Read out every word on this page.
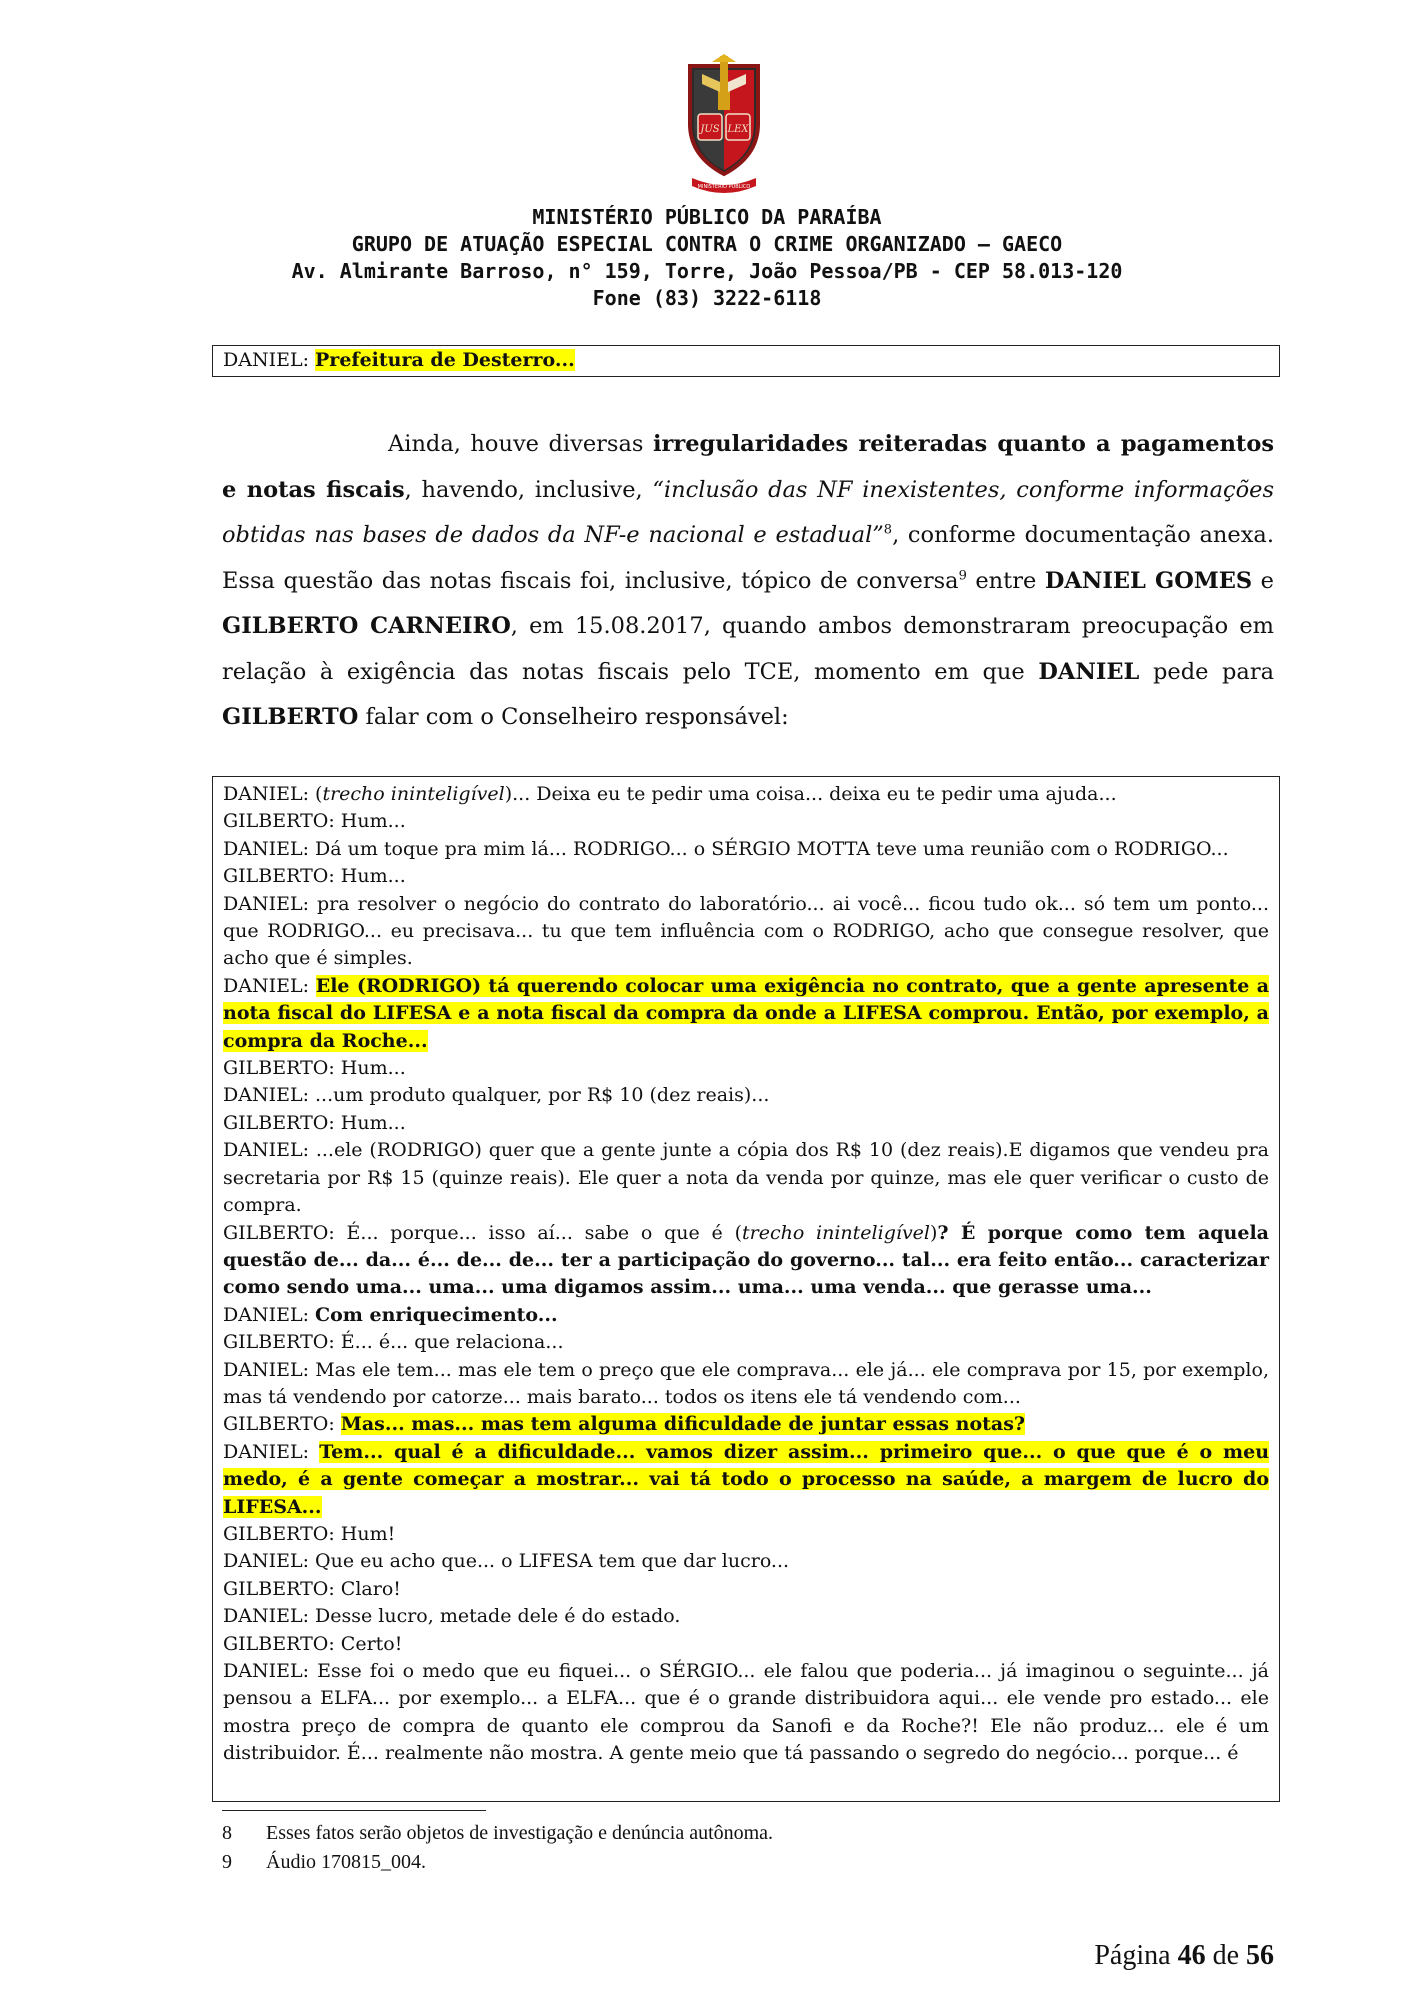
JUS LEX
MINISTÉRIO PÚBLICO
MINISTÉRIO PÚBLICO DA PARAÍBA
GRUPO DE ATUAÇÃO ESPECIAL CONTRA O CRIME ORGANIZADO – GAECO
Av. Almirante Barroso, n° 159, Torre, João Pessoa/PB - CEP 58.013-120
Fone (83) 3222-6118
DANIEL: Prefeitura de Desterro...

Ainda, houve diversas irregularidades reiteradas quanto a pagamentos e notas fiscais, havendo, inclusive, “inclusão das NF inexistentes, conforme informações obtidas nas bases de dados da NF-e nacional e estadual”$^8$, conforme documentação anexa. Essa questão das notas fiscais foi, inclusive, tópico de conversa$^9$ entre DANIEL GOMES e GILBERTO CARNEIRO, em 15.08.2017, quando ambos demonstraram preocupação em relação à exigência das notas fiscais pelo TCE, momento em que DANIEL pede para GILBERTO falar com o Conselheiro responsável:

DANIEL: (trecho ininteligível)... Deixa eu te pedir uma coisa... deixa eu te pedir uma ajuda...
GILBERTO: Hum...
DANIEL: Dá um toque pra mim lá... RODRIGO... o SÉRGIO MOTTA teve uma reunião com o RODRIGO...
GILBERTO: Hum...
DANIEL: pra resolver o negócio do contrato do laboratório... ai você... ficou tudo ok... só tem um ponto... que RODRIGO... eu precisava... tu que tem influência com o RODRIGO, acho que consegue resolver, que acho que é simples.
DANIEL: Ele (RODRIGO) tá querendo colocar uma exigência no contrato, que a gente apresente a nota fiscal do LIFESA e a nota fiscal da compra da onde a LIFESA comprou. Então, por exemplo, a compra da Roche...
GILBERTO: Hum...
DANIEL: ...um produto qualquer, por R$ 10 (dez reais)...
GILBERTO: Hum...
DANIEL: ...ele (RODRIGO) quer que a gente junte a cópia dos R$ 10 (dez reais).E digamos que vendeu pra secretaria por R$ 15 (quinze reais). Ele quer a nota da venda por quinze, mas ele quer verificar o custo de compra.
GILBERTO: É... porque... isso aí... sabe o que é (trecho ininteligível)? É porque como tem aquela questão de... da... é... de... de... ter a participação do governo... tal... era feito então... caracterizar como sendo uma... uma... uma digamos assim... uma... uma venda... que gerasse uma...
DANIEL: Com enriquecimento...
GILBERTO: É... é... que relaciona...
DANIEL: Mas ele tem... mas ele tem o preço que ele comprava... ele já... ele comprava por 15, por exemplo, mas tá vendendo por catorze... mais barato... todos os itens ele tá vendendo com...
GILBERTO: Mas... mas... mas tem alguma dificuldade de juntar essas notas?
DANIEL: Tem... qual é a dificuldade... vamos dizer assim... primeiro que... o que que é o meu medo, é a gente começar a mostrar... vai tá todo o processo na saúde, a margem de lucro do LIFESA...
GILBERTO: Hum!
DANIEL: Que eu acho que... o LIFESA tem que dar lucro...
GILBERTO: Claro!
DANIEL: Desse lucro, metade dele é do estado.
GILBERTO: Certo!
DANIEL: Esse foi o medo que eu fiquei... o SÉRGIO... ele falou que poderia... já imaginou o seguinte... já pensou a ELFA... por exemplo... a ELFA... que é o grande distribuidora aqui... ele vende pro estado... ele mostra preço de compra de quanto ele comprou da Sanofi e da Roche?! Ele não produz... ele é um distribuidor. É... realmente não mostra. A gente meio que tá passando o segredo do negócio... porque... é
8 Esses fatos serão objetos de investigação e denúncia autônoma.
9 Áudio 170815_004.
Página 46 de 56
